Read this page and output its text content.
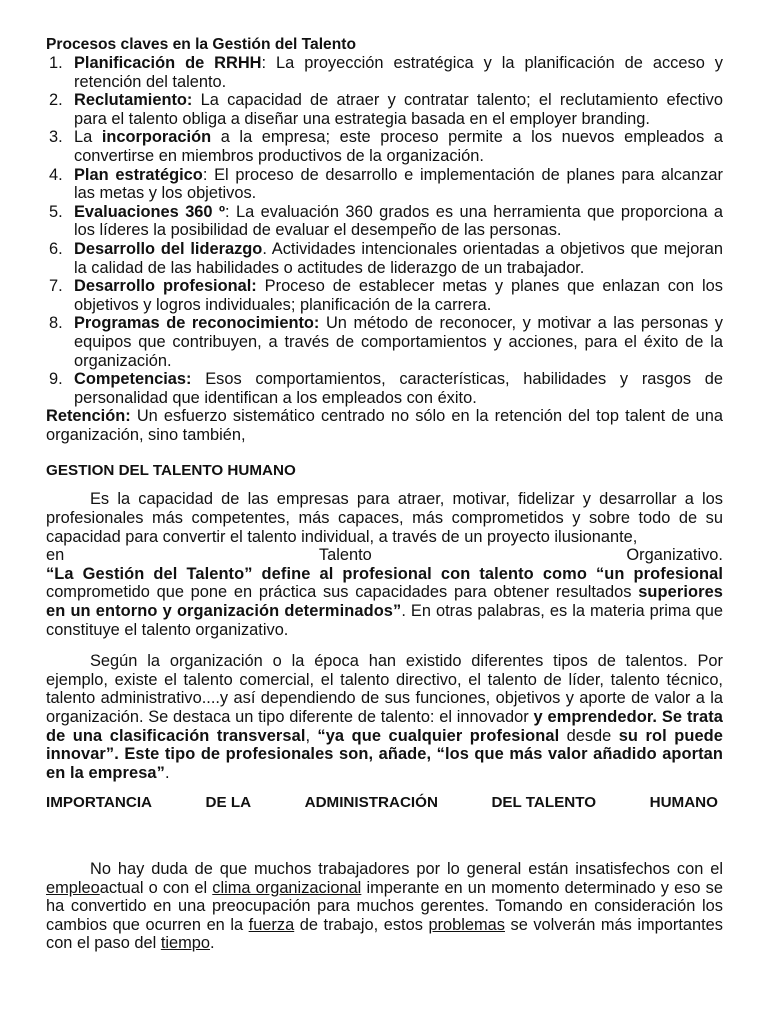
Procesos claves en la Gestión del Talento
1. Planificación de RRHH: La proyección estratégica y la planificación de acceso y retención del talento.
2. Reclutamiento: La capacidad de atraer y contratar talento; el reclutamiento efectivo para el talento obliga a diseñar una estrategia basada en el employer branding.
3. La incorporación a la empresa; este proceso permite a los nuevos empleados a convertirse en miembros productivos de la organización.
4. Plan estratégico: El proceso de desarrollo e implementación de planes para alcanzar las metas y los objetivos.
5. Evaluaciones 360 º: La evaluación 360 grados es una herramienta que proporciona a los líderes la posibilidad de evaluar el desempeño de las personas.
6. Desarrollo del liderazgo. Actividades intencionales orientadas a objetivos que mejoran la calidad de las habilidades o actitudes de liderazgo de un trabajador.
7. Desarrollo profesional: Proceso de establecer metas y planes que enlazan con los objetivos y logros individuales; planificación de la carrera.
8. Programas de reconocimiento: Un método de reconocer, y motivar a las personas y equipos que contribuyen, a través de comportamientos y acciones, para el éxito de la organización.
9. Competencias: Esos comportamientos, características, habilidades y rasgos de personalidad que identifican a los empleados con éxito.
Retención: Un esfuerzo sistemático centrado no sólo en la retención del top talent de una organización, sino también,
GESTION DEL TALENTO HUMANO
Es la capacidad de las empresas para atraer, motivar, fidelizar y desarrollar a los profesionales más competentes, más capaces, más comprometidos y sobre todo de su capacidad para convertir el talento individual, a través de un proyecto ilusionante,
en	Talento	Organizativo.
“La Gestión del Talento” define al profesional con talento como “un profesional comprometido que pone en práctica sus capacidades para obtener resultados superiores en un entorno y organización determinados”. En otras palabras, es la materia prima que constituye el talento organizativo.
Según la organización o la época han existido diferentes tipos de talentos. Por ejemplo, existe el talento comercial, el talento directivo, el talento de líder, talento técnico, talento administrativo....y así dependiendo de sus funciones, objetivos y aporte de valor a la organización. Se destaca un tipo diferente de talento: el innovador y emprendedor. Se trata de una clasificación transversal, “ya que cualquier profesional desde su rol puede innovar”. Este tipo de profesionales son, añade, “los que más valor añadido aportan en la empresa”.
IMPORTANCIA	DE LA	ADMINISTRACIÓN	DEL TALENTO	HUMANO
No hay duda de que muchos trabajadores por lo general están insatisfechos con el empleoactual o con el clima organizacional imperante en un momento determinado y eso se ha convertido en una preocupación para muchos gerentes. Tomando en consideración los cambios que ocurren en la fuerza de trabajo, estos problemas se volverán más importantes con el paso del tiempo.
